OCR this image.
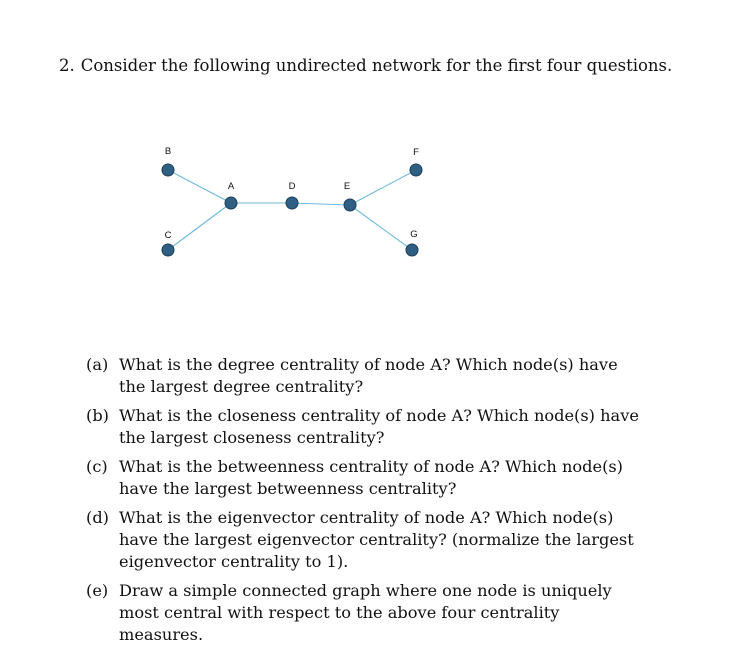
2. Consider the following undirected network for the first four questions.
B
C
A	D	E
F
G
(a) What is the degree centrality of node A? Which node(s) have the largest degree centrality?
(b) What is the closeness centrality of node A? Which node(s) have the largest closeness centrality?
(c) What is the betweenness centrality of node A? Which node(s) have the largest betweenness centrality?
(d) What is the eigenvector centrality of node A? Which node(s) have the largest eigenvector centrality? (normalize the largest eigenvector centrality to 1).
(e) Draw a simple connected graph where one node is uniquely most central with respect to the above four centrality measures.
